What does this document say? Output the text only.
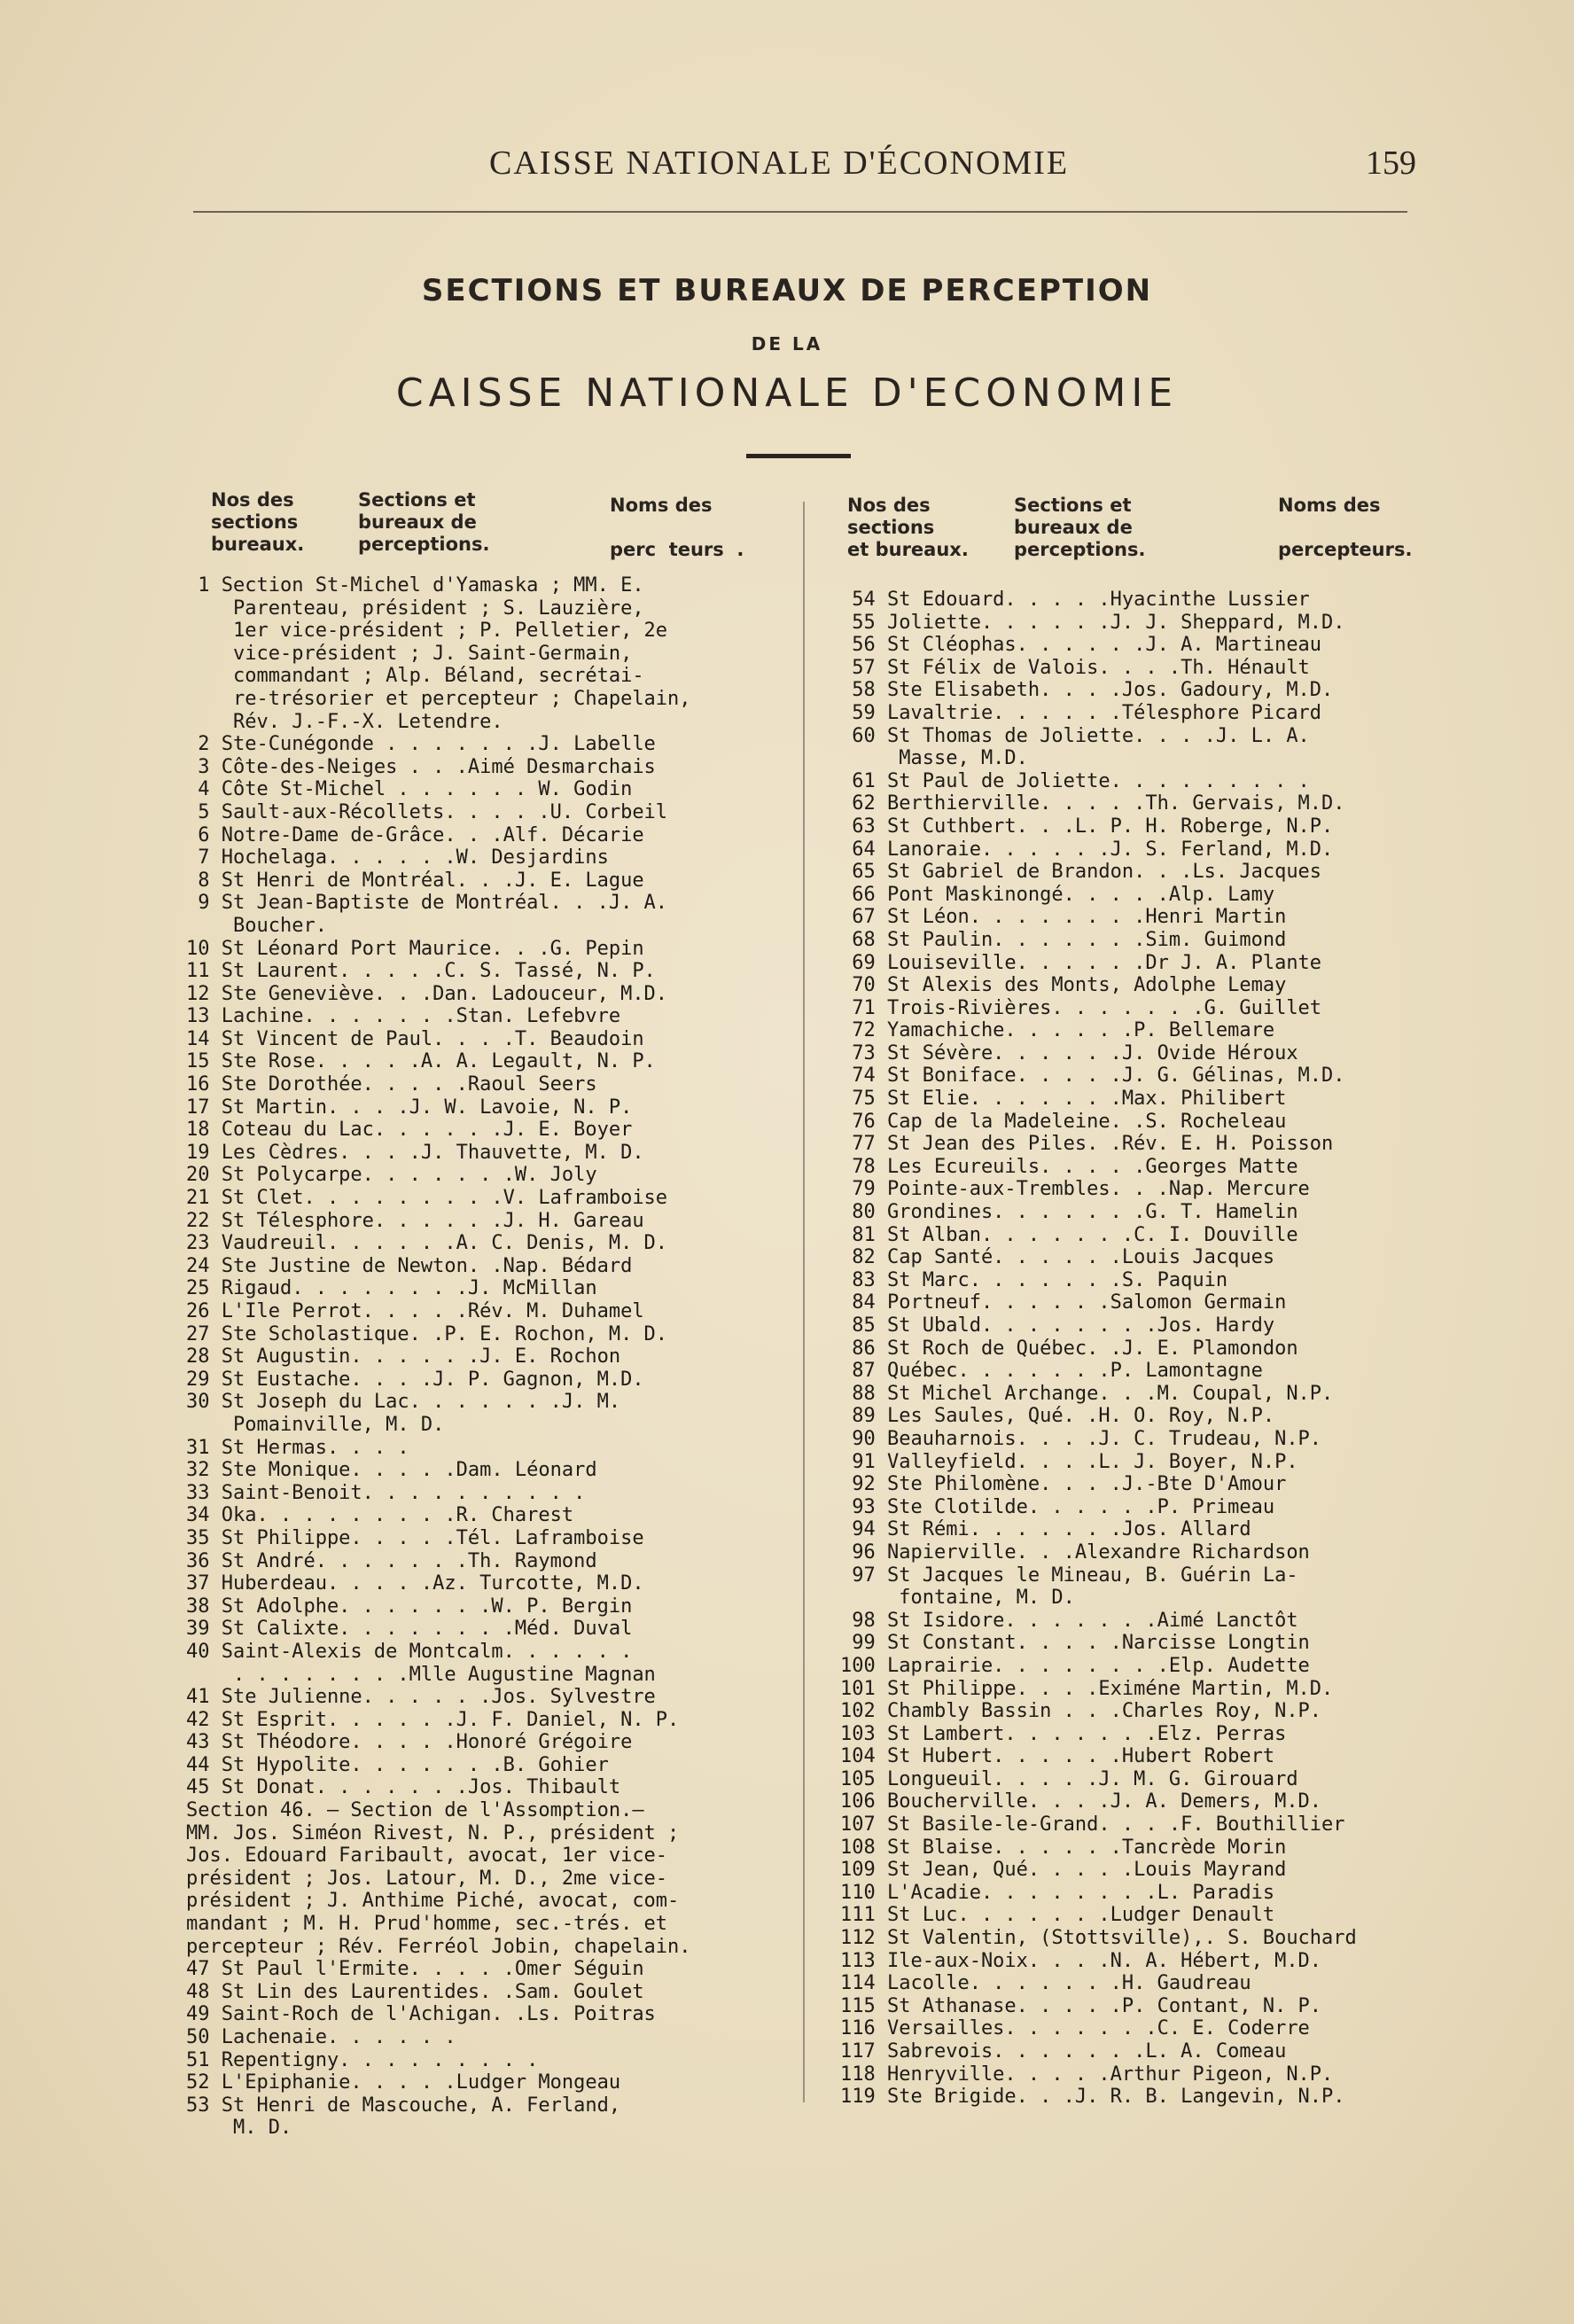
CAISSE NATIONALE D'ÉCONOMIE	159
SECTIONS ET BUREAUX DE PERCEPTION
DE LA
CAISSE NATIONALE D'ECONOMIE
Nos des
sections
bureaux.
Sections et
bureaux de
perceptions.
Noms des

perc  teurs  .
Nos des
sections
et bureaux.
Sections et
bureaux de
perceptions.
Noms des

percepteurs.
1 Section St-Michel d'Yamaska ; MM. E.
Parenteau, président ; S. Lauzière,
1er vice-président ; P. Pelletier, 2e
vice-président ; J. Saint-Germain,
commandant ; Alp. Béland, secrétai-
re-trésorier et percepteur ; Chapelain,
Rév. J.-F.-X. Letendre.
2 Ste-Cunégonde . . . . . . .J. Labelle
3 Côte-des-Neiges . . .Aimé Desmarchais
4 Côte St-Michel . . . . . . W. Godin
5 Sault-aux-Récollets. . . . .U. Corbeil
6 Notre-Dame de-Grâce. . .Alf. Décarie
7 Hochelaga. . . . . .W. Desjardins
8 St Henri de Montréal. . .J. E. Lague
9 St Jean-Baptiste de Montréal. . .J. A.
Boucher.
10 St Léonard Port Maurice. . .G. Pepin
11 St Laurent. . . . .C. S. Tassé, N. P.
12 Ste Geneviève. . .Dan. Ladouceur, M.D.
13 Lachine. . . . . . .Stan. Lefebvre
14 St Vincent de Paul. . . .T. Beaudoin
15 Ste Rose. . . . .A. A. Legault, N. P.
16 Ste Dorothée. . . . .Raoul Seers
17 St Martin. . . .J. W. Lavoie, N. P.
18 Coteau du Lac. . . . . .J. E. Boyer
19 Les Cèdres. . . .J. Thauvette, M. D.
20 St Polycarpe. . . . . . .W. Joly
21 St Clet. . . . . . . . .V. Laframboise
22 St Télesphore. . . . . .J. H. Gareau
23 Vaudreuil. . . . . .A. C. Denis, M. D.
24 Ste Justine de Newton. .Nap. Bédard
25 Rigaud. . . . . . . .J. McMillan
26 L'Ile Perrot. . . . .Rév. M. Duhamel
27 Ste Scholastique. .P. E. Rochon, M. D.
28 St Augustin. . . . . .J. E. Rochon
29 St Eustache. . . .J. P. Gagnon, M.D.
30 St Joseph du Lac. . . . . . .J. M.
Pomainville, M. D.
31 St Hermas. . . .
32 Ste Monique. . . . .Dam. Léonard
33 Saint-Benoit. . . . . . . . . .
34 Oka. . . . . . . . .R. Charest
35 St Philippe. . . . .Tél. Laframboise
36 St André. . . . . . .Th. Raymond
37 Huberdeau. . . . .Az. Turcotte, M.D.
38 St Adolphe. . . . . . .W. P. Bergin
39 St Calixte. . . . . . . .Méd. Duval
40 Saint-Alexis de Montcalm. . . . . .
. . . . . . . .Mlle Augustine Magnan
41 Ste Julienne. . . . . .Jos. Sylvestre
42 St Esprit. . . . . .J. F. Daniel, N. P.
43 St Théodore. . . . .Honoré Grégoire
44 St Hypolite. . . . . . .B. Gohier
45 St Donat. . . . . . .Jos. Thibault
Section 46. — Section de l'Assomption.—
MM. Jos. Siméon Rivest, N. P., président ;
Jos. Edouard Faribault, avocat, 1er vice-
président ; Jos. Latour, M. D., 2me vice-
président ; J. Anthime Piché, avocat, com-
mandant ; M. H. Prud'homme, sec.-trés. et
percepteur ; Rév. Ferréol Jobin, chapelain.
47 St Paul l'Ermite. . . . .Omer Séguin
48 St Lin des Laurentides. .Sam. Goulet
49 Saint-Roch de l'Achigan. .Ls. Poitras
50 Lachenaie. . . . . .
51 Repentigny. . . . . . . . .
52 L'Epiphanie. . . . .Ludger Mongeau
53 St Henri de Mascouche, A. Ferland,
M. D.
54 St Edouard. . . . .Hyacinthe Lussier
55 Joliette. . . . . .J. J. Sheppard, M.D.
56 St Cléophas. . . . . .J. A. Martineau
57 St Félix de Valois. . . .Th. Hénault
58 Ste Elisabeth. . . .Jos. Gadoury, M.D.
59 Lavaltrie. . . . . .Télesphore Picard
60 St Thomas de Joliette. . . .J. L. A.
Masse, M.D.
61 St Paul de Joliette. . . . . . . . .
62 Berthierville. . . . .Th. Gervais, M.D.
63 St Cuthbert. . .L. P. H. Roberge, N.P.
64 Lanoraie. . . . . .J. S. Ferland, M.D.
65 St Gabriel de Brandon. . .Ls. Jacques
66 Pont Maskinongé. . . . .Alp. Lamy
67 St Léon. . . . . . . .Henri Martin
68 St Paulin. . . . . . .Sim. Guimond
69 Louiseville. . . . . .Dr J. A. Plante
70 St Alexis des Monts, Adolphe Lemay
71 Trois-Rivières. . . . . . .G. Guillet
72 Yamachiche. . . . . .P. Bellemare
73 St Sévère. . . . . .J. Ovide Héroux
74 St Boniface. . . . .J. G. Gélinas, M.D.
75 St Elie. . . . . . .Max. Philibert
76 Cap de la Madeleine. .S. Rocheleau
77 St Jean des Piles. .Rév. E. H. Poisson
78 Les Ecureuils. . . . .Georges Matte
79 Pointe-aux-Trembles. . .Nap. Mercure
80 Grondines. . . . . . .G. T. Hamelin
81 St Alban. . . . . . .C. I. Douville
82 Cap Santé. . . . . .Louis Jacques
83 St Marc. . . . . . .S. Paquin
84 Portneuf. . . . . .Salomon Germain
85 St Ubald. . . . . . . .Jos. Hardy
86 St Roch de Québec. .J. E. Plamondon
87 Québec. . . . . . .P. Lamontagne
88 St Michel Archange. . .M. Coupal, N.P.
89 Les Saules, Qué. .H. O. Roy, N.P.
90 Beauharnois. . . .J. C. Trudeau, N.P.
91 Valleyfield. . . .L. J. Boyer, N.P.
92 Ste Philomène. . . .J.-Bte D'Amour
93 Ste Clotilde. . . . . .P. Primeau
94 St Rémi. . . . . . .Jos. Allard
96 Napierville. . .Alexandre Richardson
97 St Jacques le Mineau, B. Guérin La-
fontaine, M. D.
98 St Isidore. . . . . . .Aimé Lanctôt
99 St Constant. . . . .Narcisse Longtin
100 Laprairie. . . . . . . .Elp. Audette
101 St Philippe. . . .Eximéne Martin, M.D.
102 Chambly Bassin . . .Charles Roy, N.P.
103 St Lambert. . . . . . .Elz. Perras
104 St Hubert. . . . . .Hubert Robert
105 Longueuil. . . . .J. M. G. Girouard
106 Boucherville. . . .J. A. Demers, M.D.
107 St Basile-le-Grand. . . .F. Bouthillier
108 St Blaise. . . . . .Tancrède Morin
109 St Jean, Qué. . . . .Louis Mayrand
110 L'Acadie. . . . . . . .L. Paradis
111 St Luc. . . . . . .Ludger Denault
112 St Valentin, (Stottsville),. S. Bouchard
113 Ile-aux-Noix. . . .N. A. Hébert, M.D.
114 Lacolle. . . . . . .H. Gaudreau
115 St Athanase. . . . .P. Contant, N. P.
116 Versailles. . . . . . .C. E. Coderre
117 Sabrevois. . . . . . .L. A. Comeau
118 Henryville. . . . .Arthur Pigeon, N.P.
119 Ste Brigide. . .J. R. B. Langevin, N.P.
